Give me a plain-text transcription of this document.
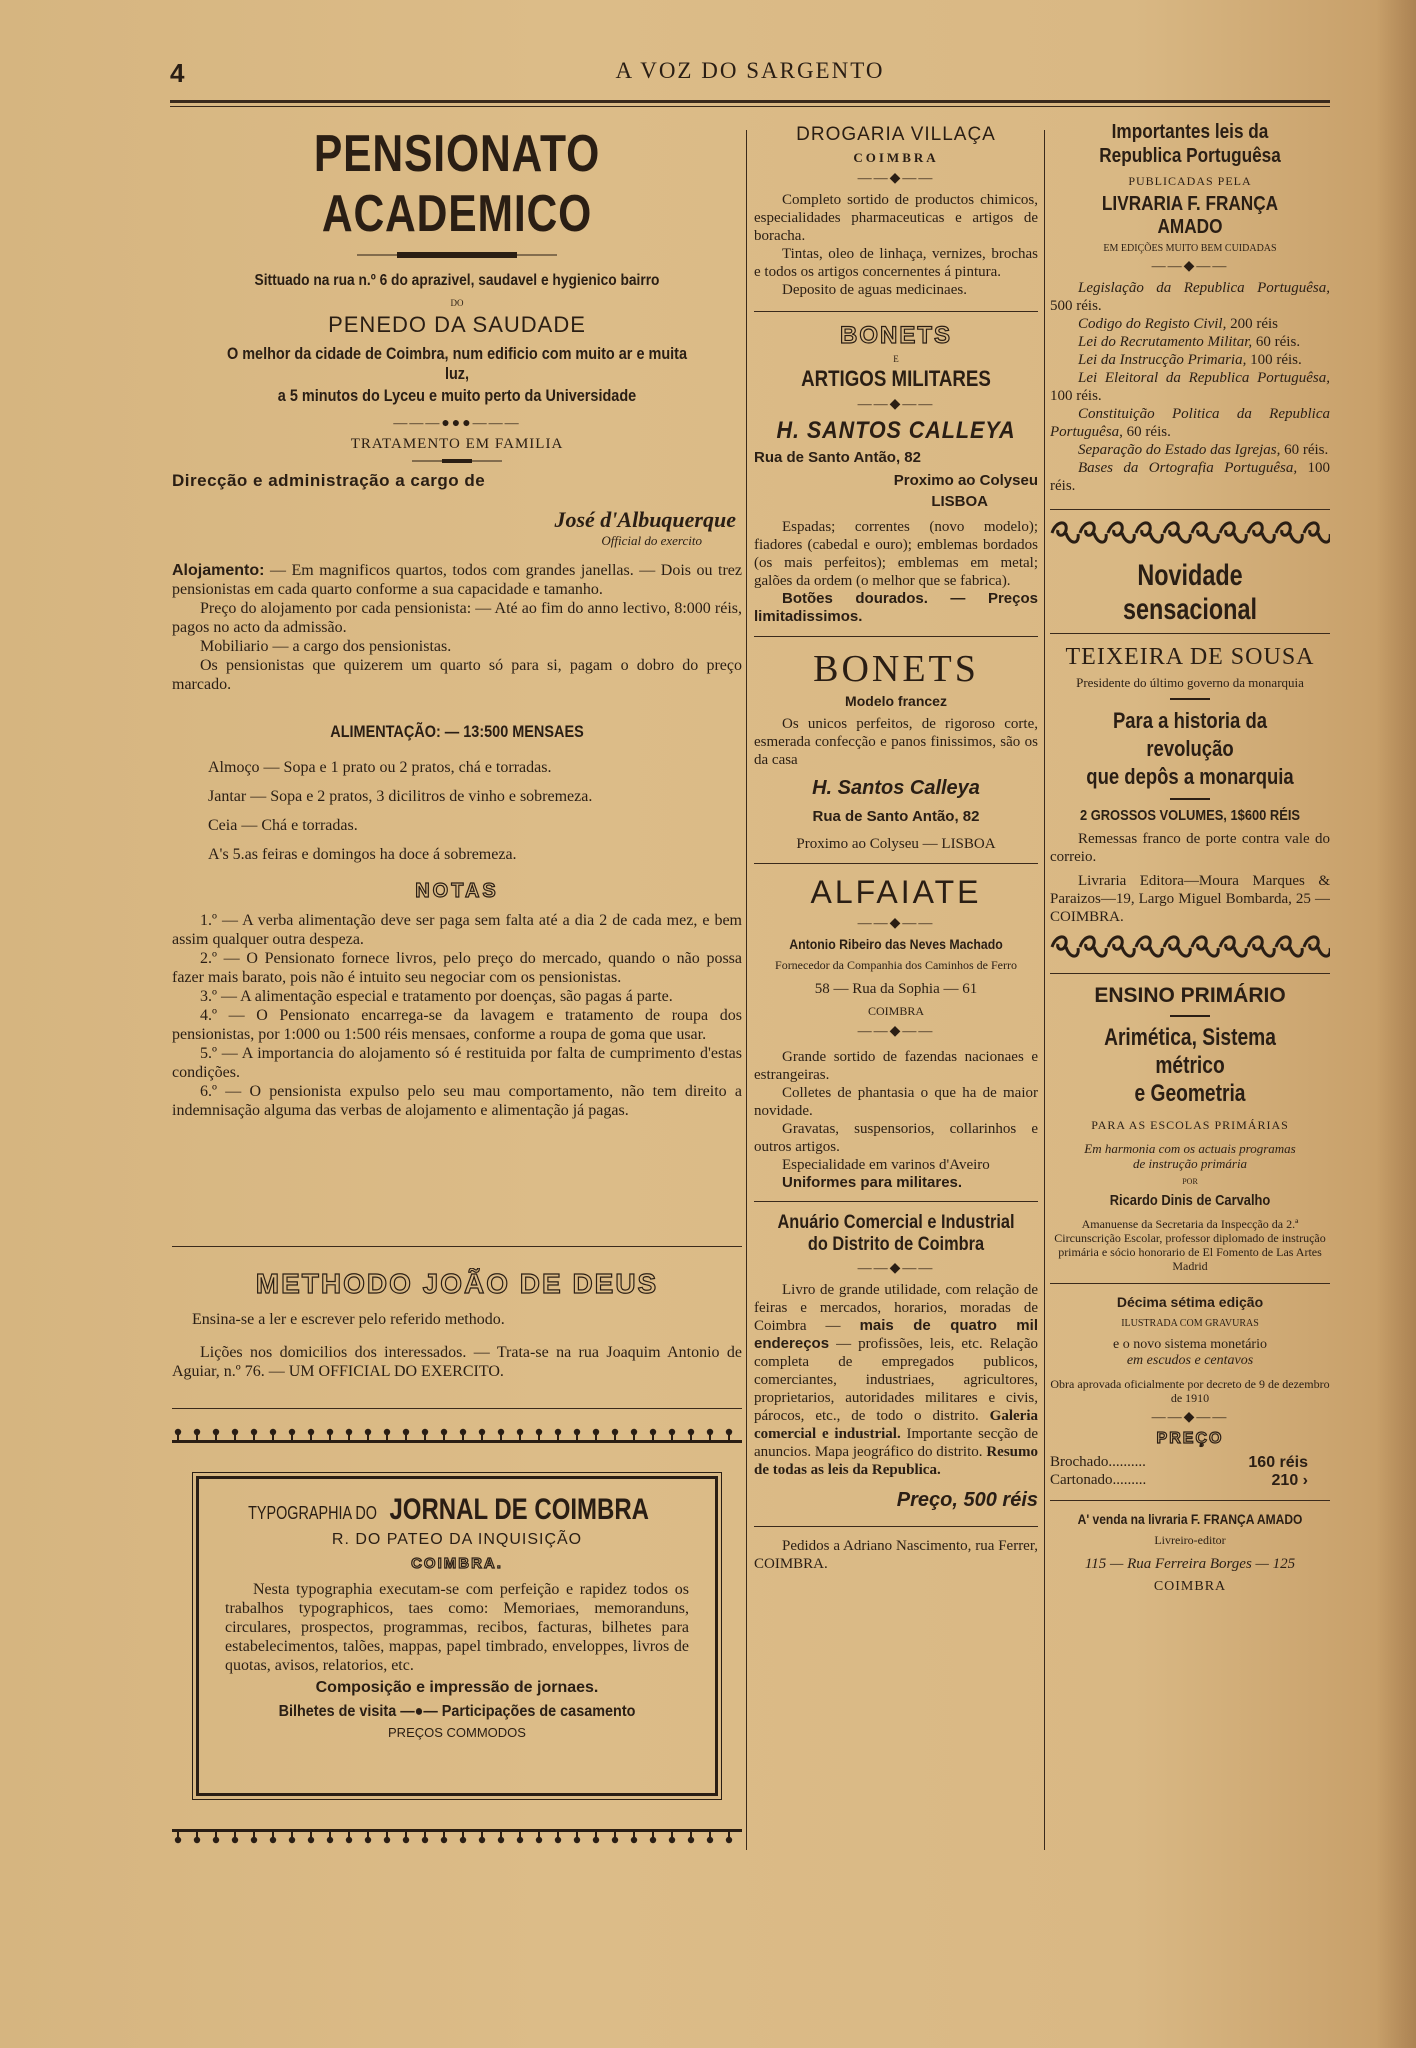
4	A VOZ DO SARGENTO
PENSIONATO ACADEMICO
Sittuado na rua n.º 6 do aprazivel, saudavel e hygienico bairro
DO
PENEDO DA SAUDADE
O melhor da cidade de Coimbra, num edificio com muito ar e muita luz,
a 5 minutos do Lyceu e muito perto da Universidade
———●●●———
TRATAMENTO EM FAMILIA
Direcção e administração a cargo de
José d'Albuquerque
Official do exercito
Alojamento: — Em magnificos quartos, todos com grandes janellas. — Dois ou trez pensionistas em cada quarto conforme a sua capacidade e tamanho.

Preço do alojamento por cada pensionista: — Até ao fim do anno lectivo, 8:000 réis, pagos no acto da admissão.

Mobiliario — a cargo dos pensionistas.

Os pensionistas que quizerem um quarto só para si, pagam o dobro do preço marcado.

ALIMENTAÇÃO: — 13:500 MENSAES

Almoço — Sopa e 1 prato ou 2 pratos, chá e torradas.

Jantar — Sopa e 2 pratos, 3 dicilitros de vinho e sobremeza.

Ceia — Chá e torradas.

A's 5.as feiras e domingos ha doce á sobremeza.

NOTAS

1.º — A verba alimentação deve ser paga sem falta até a dia 2 de cada mez, e bem assim qualquer outra despeza.

2.º — O Pensionato fornece livros, pelo preço do mercado, quando o não possa fazer mais barato, pois não é intuito seu negociar com os pensionistas.

3.º — A alimentação especial e tratamento por doenças, são pagas á parte.

4.º — O Pensionato encarrega-se da lavagem e tratamento de roupa dos pensionistas, por 1:000 ou 1:500 réis mensaes, conforme a roupa de goma que usar.

5.º — A importancia do alojamento só é restituida por falta de cumprimento d'estas condições.

6.º — O pensionista expulso pelo seu mau comportamento, não tem direito a indemnisação alguma das verbas de alojamento e alimentação já pagas.

METHODO JOÃO DE DEUS

Ensina-se a ler e escrever pelo referido methodo.

Lições nos domicilios dos interessados. — Trata-se na rua Joaquim Antonio de Aguiar, n.º 76. — UM OFFICIAL DO EXERCITO.

TYPOGRAPHIA DO JORNAL DE COIMBRA
R. DO PATEO DA INQUISIÇÃO
COIMBRA.

Nesta typographia executam-se com perfeição e rapidez todos os trabalhos typographicos, taes como: Memoriaes, memoranduns, circulares, prospectos, programmas, recibos, facturas, bilhetes para estabelecimentos, talões, mappas, papel timbrado, enveloppes, livros de quotas, avisos, relatorios, etc.

Composição e impressão de jornaes.
Bilhetes de visita —●— Participações de casamento
PREÇOS COMMODOS
DROGARIA VILLAÇA
COIMBRA
——◆——

Completo sortido de productos chimicos, especialidades pharmaceuticas e artigos de boracha.

Tintas, oleo de linhaça, vernizes, brochas e todos os artigos concernentes á pintura.

Deposito de aguas medicinaes.

BONETS
E
ARTIGOS MILITARES
——◆——
H. SANTOS CALLEYA
Rua de Santo Antão, 82
Proximo ao Colyseu
LISBOA

Espadas; correntes (novo modelo); fiadores (cabedal e ouro); emblemas bordados (os mais perfeitos); emblemas em metal; galões da ordem (o melhor que se fabrica).

Botões dourados. — Preços limitadissimos.

BONETS
Modelo francez

Os unicos perfeitos, de rigoroso corte, esmerada confecção e panos finissimos, são os da casa

H. Santos Calleya
Rua de Santo Antão, 82
Proximo ao Colyseu — LISBOA
ALFAIATE
——◆——
Antonio Ribeiro das Neves Machado
Fornecedor da Companhia dos Caminhos de Ferro
58 — Rua da Sophia — 61
COIMBRA
——◆——

Grande sortido de fazendas nacionaes e estrangeiras.

Colletes de phantasia o que ha de maior novidade.

Gravatas, suspensorios, collarinhos e outros artigos.

Especialidade em varinos d'Aveiro

Uniformes para militares.

Anuário Comercial e Industrial do Distrito de Coimbra
——◆——

Livro de grande utilidade, com relação de feiras e mercados, horarios, moradas de Coimbra — mais de quatro mil endereços — profissões, leis, etc. Relação completa de empregados publicos, comerciantes, industriaes, agricultores, proprietarios, autoridades militares e civis, párocos, etc., de todo o distrito. Galeria comercial e industrial. Importante secção de anuncios. Mapa jeográfico do distrito. Resumo de todas as leis da Republica.

Preço, 500 réis

Pedidos a Adriano Nascimento, rua Ferrer, COIMBRA.

Importantes leis da Republica Portuguêsa
PUBLICADAS PELA
LIVRARIA F. FRANÇA AMADO
EM EDIÇÕES MUITO BEM CUIDADAS
——◆——

Legislação da Republica Portuguêsa, 500 réis.

Codigo do Registo Civil, 200 réis

Lei do Recrutamento Militar, 60 réis.

Lei da Instrucção Primaria, 100 réis.

Lei Eleitoral da Republica Portuguêsa, 100 réis.

Constituição Politica da Republica Portuguêsa, 60 réis.

Separação do Estado das Igrejas, 60 réis.

Bases da Ortografia Portuguêsa, 100 réis.

Novidade sensacional
TEIXEIRA DE SOUSA
Presidente do último governo da monarquia
Para a historia da revolução
que depôs a monarquia
2 GROSSOS VOLUMES, 1$600 RÉIS

Remessas franco de porte contra vale do correio.

Livraria Editora—Moura Marques & Paraizos—19, Largo Miguel Bombarda, 25 — COIMBRA.

ENSINO PRIMÁRIO
Arimética, Sistema métrico
e Geometria
PARA AS ESCOLAS PRIMÁRIAS
Em harmonia com os actuais programas
de instrução primária
POR
Ricardo Dinis de Carvalho

Amanuense da Secretaria da Inspecção da 2.ª Circunscrição Escolar, professor diplomado de instrução primária e sócio honorario de El Fomento de Las Artes Madrid

Décima sétima edição
ILUSTRADA COM GRAVURAS
e o novo sistema monetário
em escudos e centavos

Obra aprovada oficialmente por decreto de 9 de dezembro de 1910

——◆——
PREÇO
Brochado..........	160 réis
Cartonado.........	210 ›
A' venda na livraria F. FRANÇA AMADO
Livreiro-editor
115 — Rua Ferreira Borges — 125
COIMBRA
